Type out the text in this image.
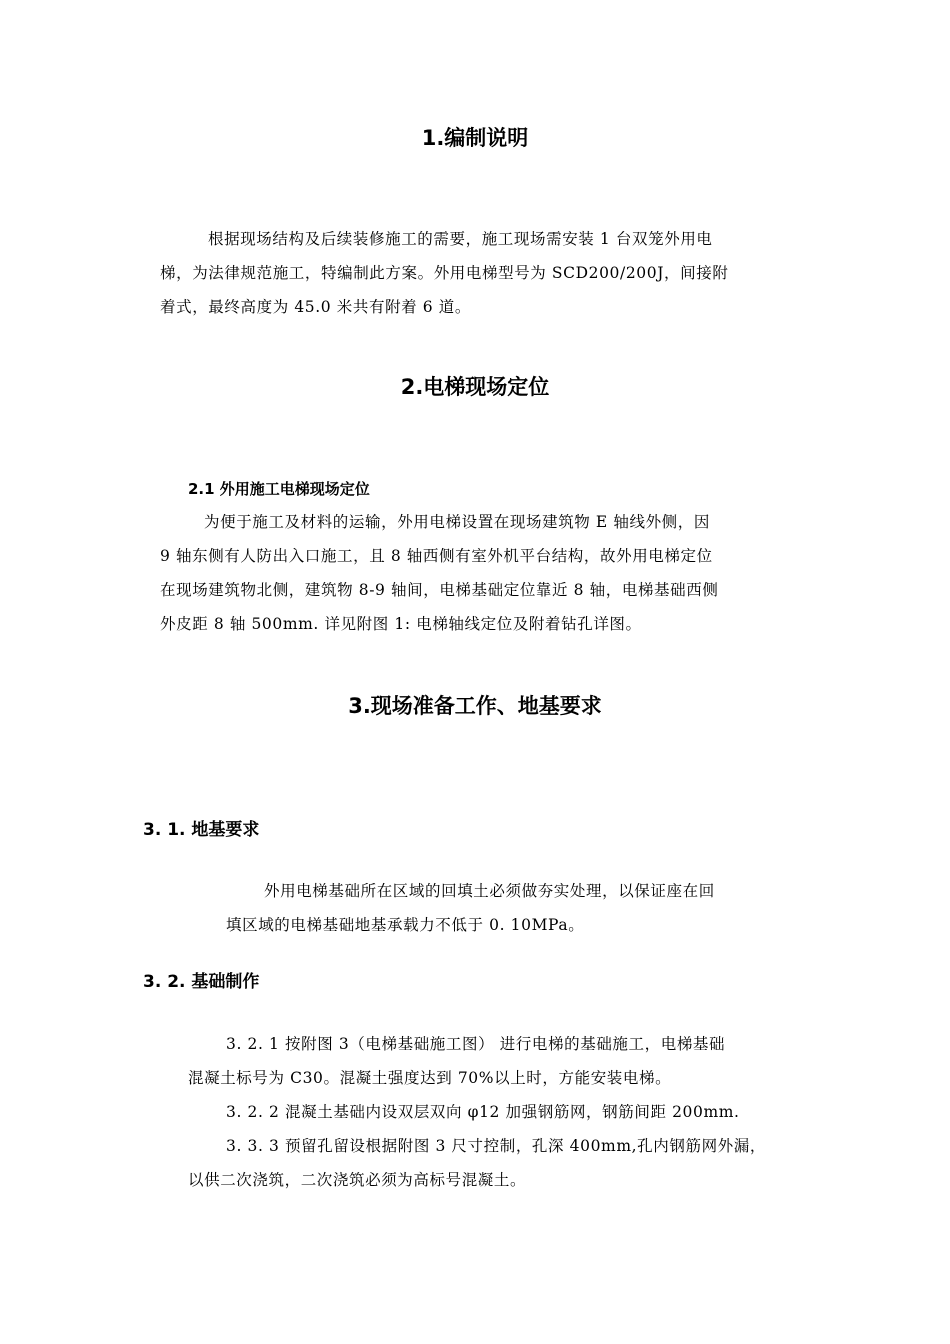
1.编制说明
根据现场结构及后续装修施工的需要，施工现场需安装 1 台双笼外用电
梯，为法律规范施工，特编制此方案。外用电梯型号为 SCD200/200J，间接附
着式，最终高度为 45.0 米共有附着 6 道。
2.电梯现场定位
2.1 外用施工电梯现场定位
为便于施工及材料的运输，外用电梯设置在现场建筑物 E 轴线外侧，因
9 轴东侧有人防出入口施工，且 8 轴西侧有室外机平台结构，故外用电梯定位
在现场建筑物北侧，建筑物 8-9 轴间，电梯基础定位靠近 8 轴，电梯基础西侧
外皮距 8 轴 500mm. 详见附图 1: 电梯轴线定位及附着钻孔详图。
3.现场准备工作、地基要求
3. 1. 地基要求
外用电梯基础所在区域的回填土必须做夯实处理，以保证座在回
填区域的电梯基础地基承载力不低于 0. 10MPa。
3. 2. 基础制作
3. 2. 1 按附图 3（电梯基础施工图） 进行电梯的基础施工，电梯基础
混凝土标号为 C30。混凝土强度达到 70%以上时，方能安装电梯。
3. 2. 2 混凝土基础内设双层双向 φ12 加强钢筋网，钢筋间距 200mm.
3. 3. 3 预留孔留设根据附图 3 尺寸控制，孔深 400mm,孔内钢筋网外漏，
以供二次浇筑，二次浇筑必须为高标号混凝土。
